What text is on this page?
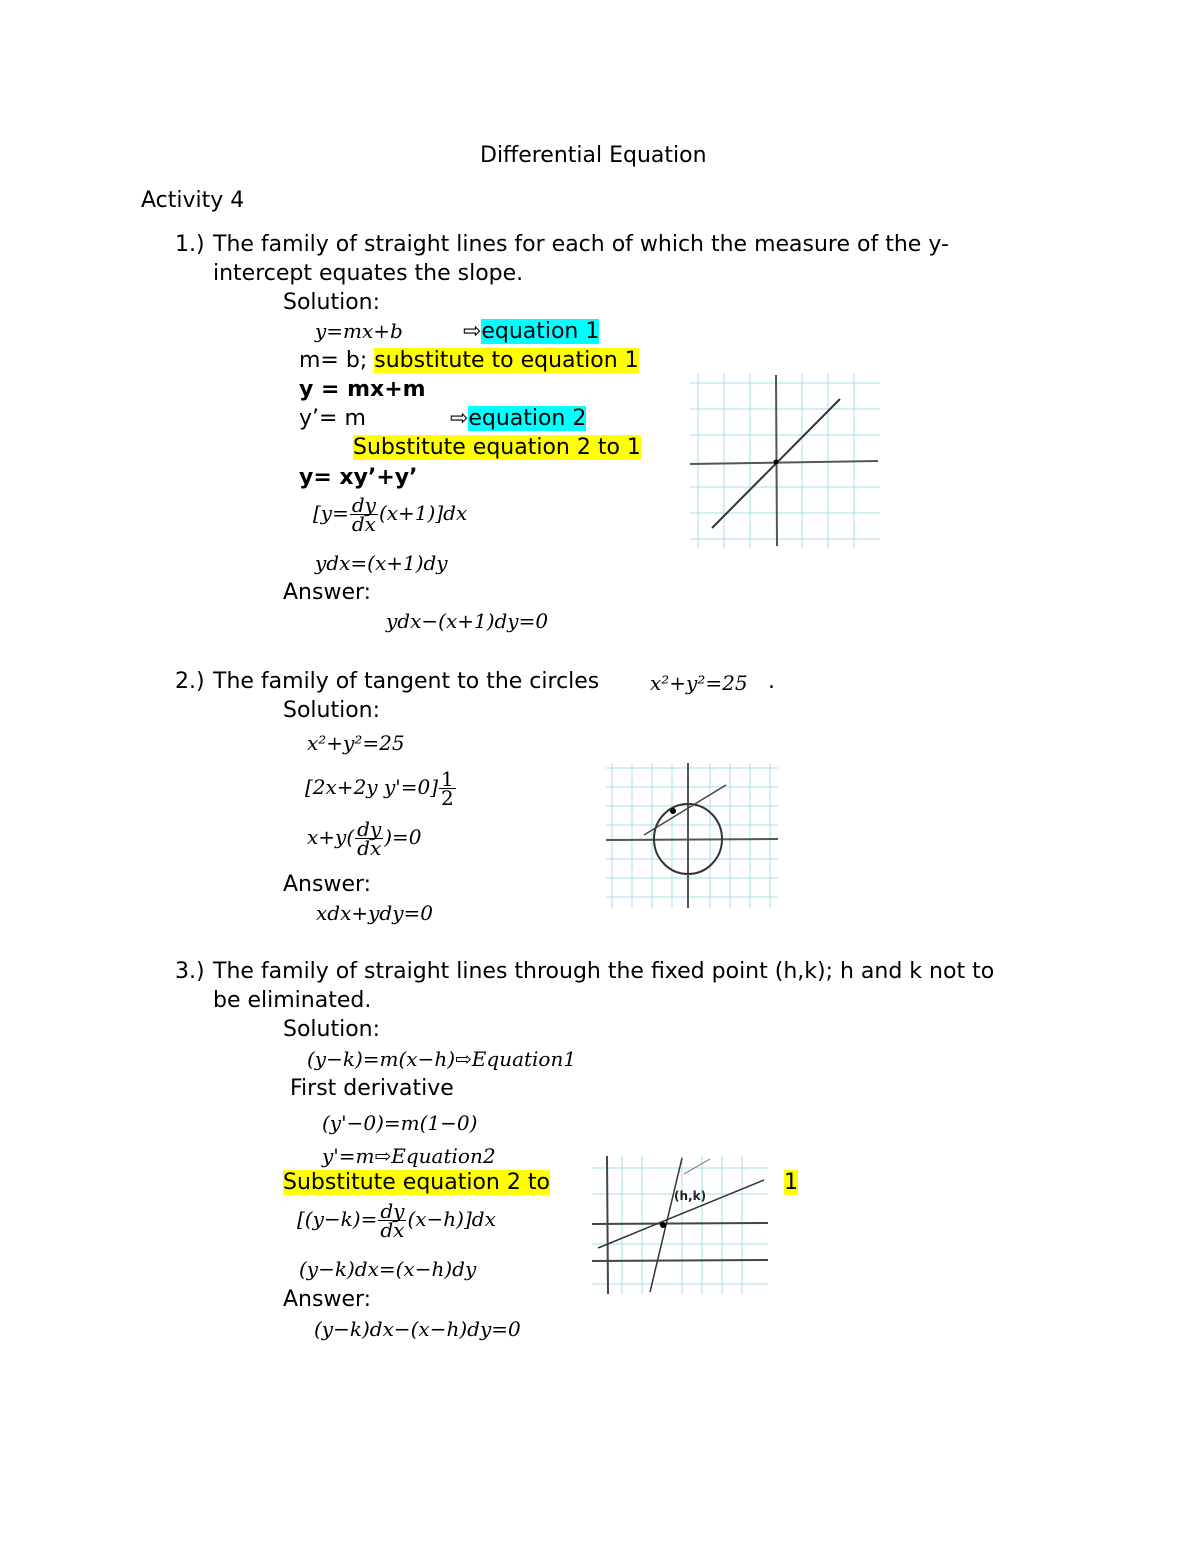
Differential Equation
Activity 4
1.) The family of straight lines for each of which the measure of the y-
intercept equates the slope.
Solution:
y=mx+b	⇨equation 1
m= b; substitute to equation 1
y = mx+m
y’= m	⇨equation 2
Substitute equation 2 to 1
y= xy’+y’
$[y= \frac{dy}{dx} (x+1)]dx$
ydx=(x+1)dy
Answer:
ydx−(x+1)dy=0
2.) The family of tangent to the circles	x²+y²=25 .
Solution:
x²+y²=25
[2x+2y $y'=0] \frac{1}{2}$
$x+y( \frac{dy}{dx} )=0$
Answer:
xdx+ydy=0
3.) The family of straight lines through the fixed point (h,k); h and k not to
be eliminated.
Solution:
(y−k)=m(x−h)⇨Equation1
First derivative
(y'−0)=m(1−0)
y'=m⇨Equation2
Substitute equation 2 to	1
$[(y-k)= \frac{dy}{dx} (x-h)]dx$
(y−k)dx=(x−h)dy
Answer:
(y−k)dx−(x−h)dy=0
(h,k)
